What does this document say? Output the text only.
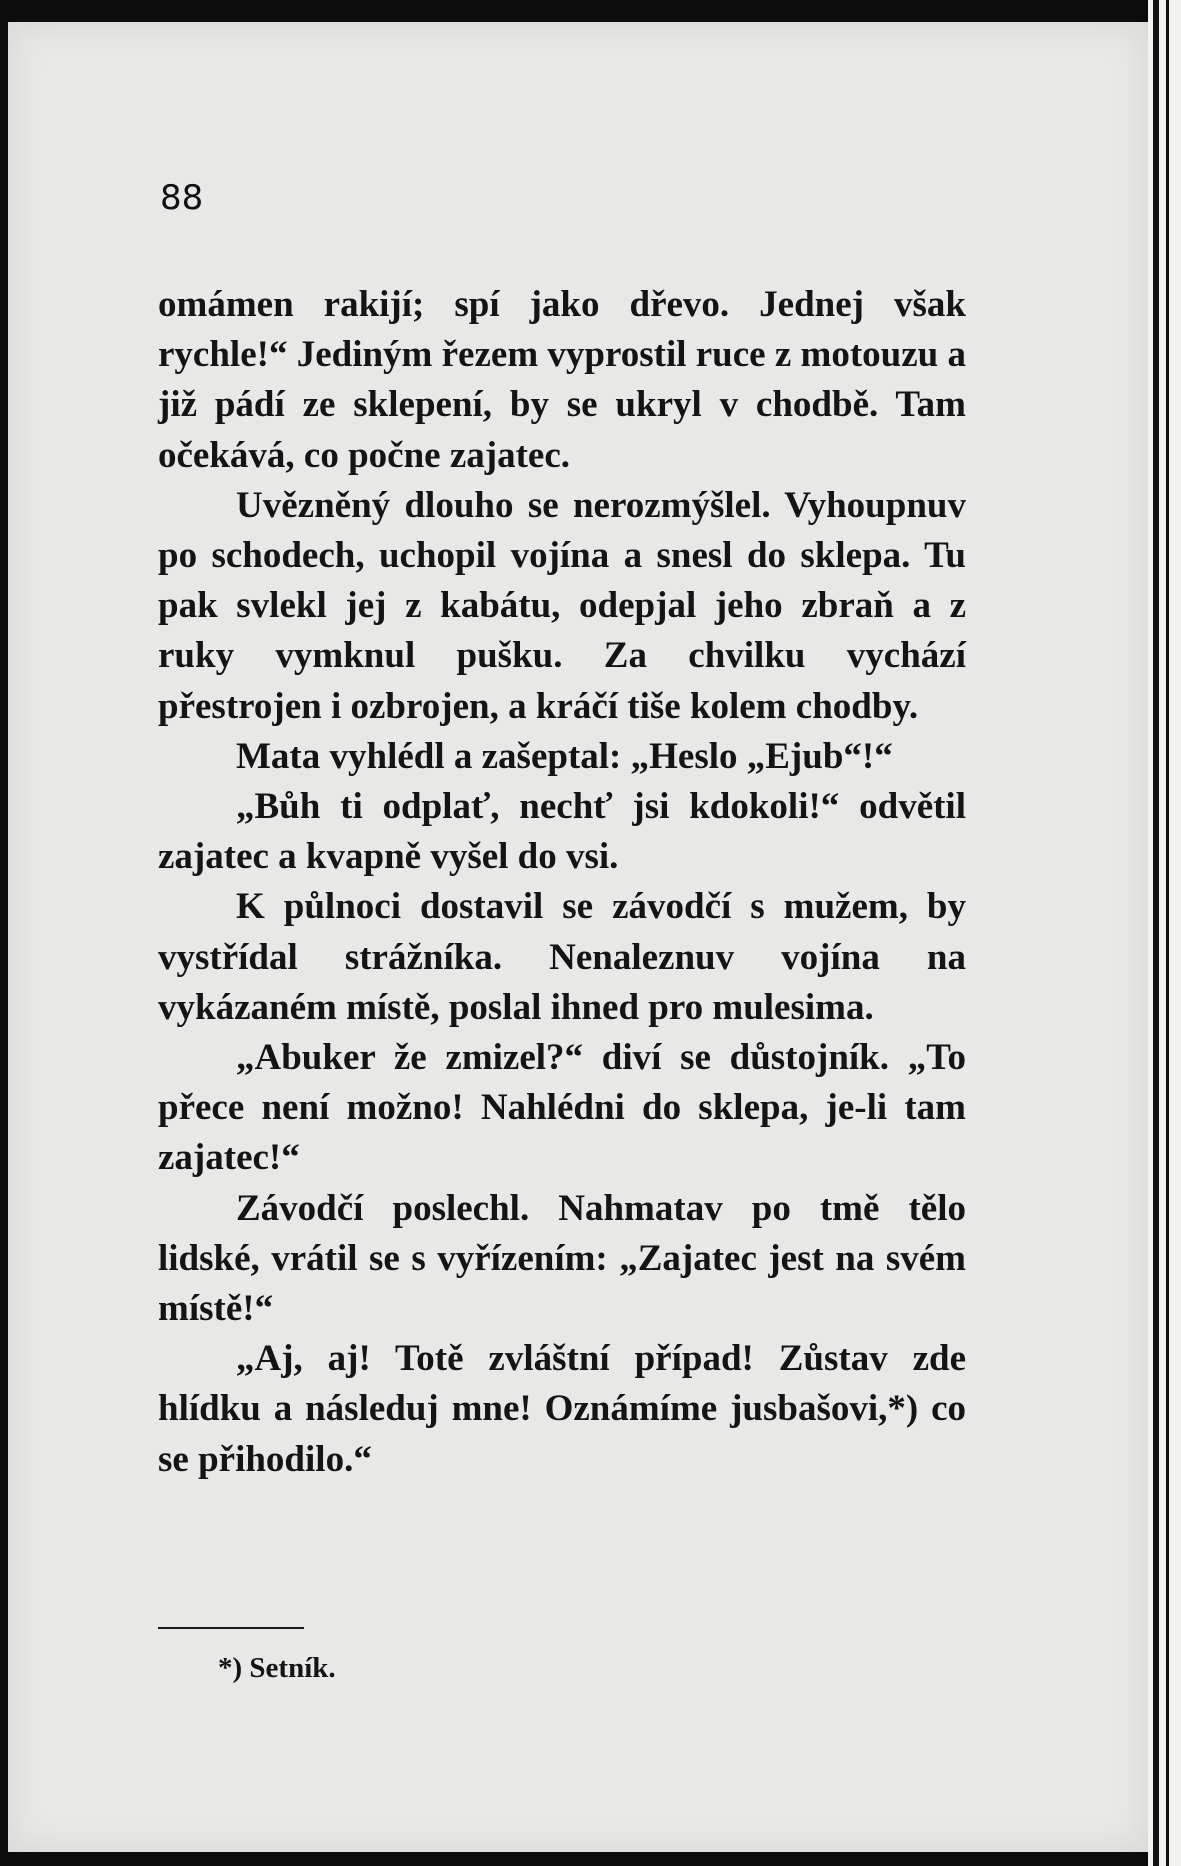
88

omámen rakijí; spí jako dřevo. Jednej však rychle!“ Jediným řezem vyprostil ruce z motouzu a již pádí ze sklepení, by se ukryl v chodbě. Tam očekává, co počne zajatec.

Uvězněný dlouho se nerozmýšlel. Vyhoupnuv po schodech, uchopil vojína a snesl do sklepa. Tu pak svlekl jej z kabátu, odepjal jeho zbraň a z ruky vymknul pušku. Za chvilku vychází přestrojen i ozbrojen, a kráčí tiše kolem chodby.

Mata vyhlédl a zašeptal: „Heslo „Ejub“!“

„Bůh ti odplať, nechť jsi kdokoli!“ odvětil zajatec a kvapně vyšel do vsi.

K půlnoci dostavil se závodčí s mužem, by vystřídal strážníka. Nenaleznuv vojína na vykázaném místě, poslal ihned pro mulesima.

„Abuker že zmizel?“ diví se důstojník. „To přece není možno! Nahlédni do sklepa, je-li tam zajatec!“

Závodčí poslechl. Nahmatav po tmě tělo lidské, vrátil se s vyřízením: „Zajatec jest na svém místě!“

„Aj, aj! Totě zvláštní případ! Zůstav zde hlídku a následuj mne! Oznámíme jusbašovi,*) co se přihodilo.“

*) Setník.
